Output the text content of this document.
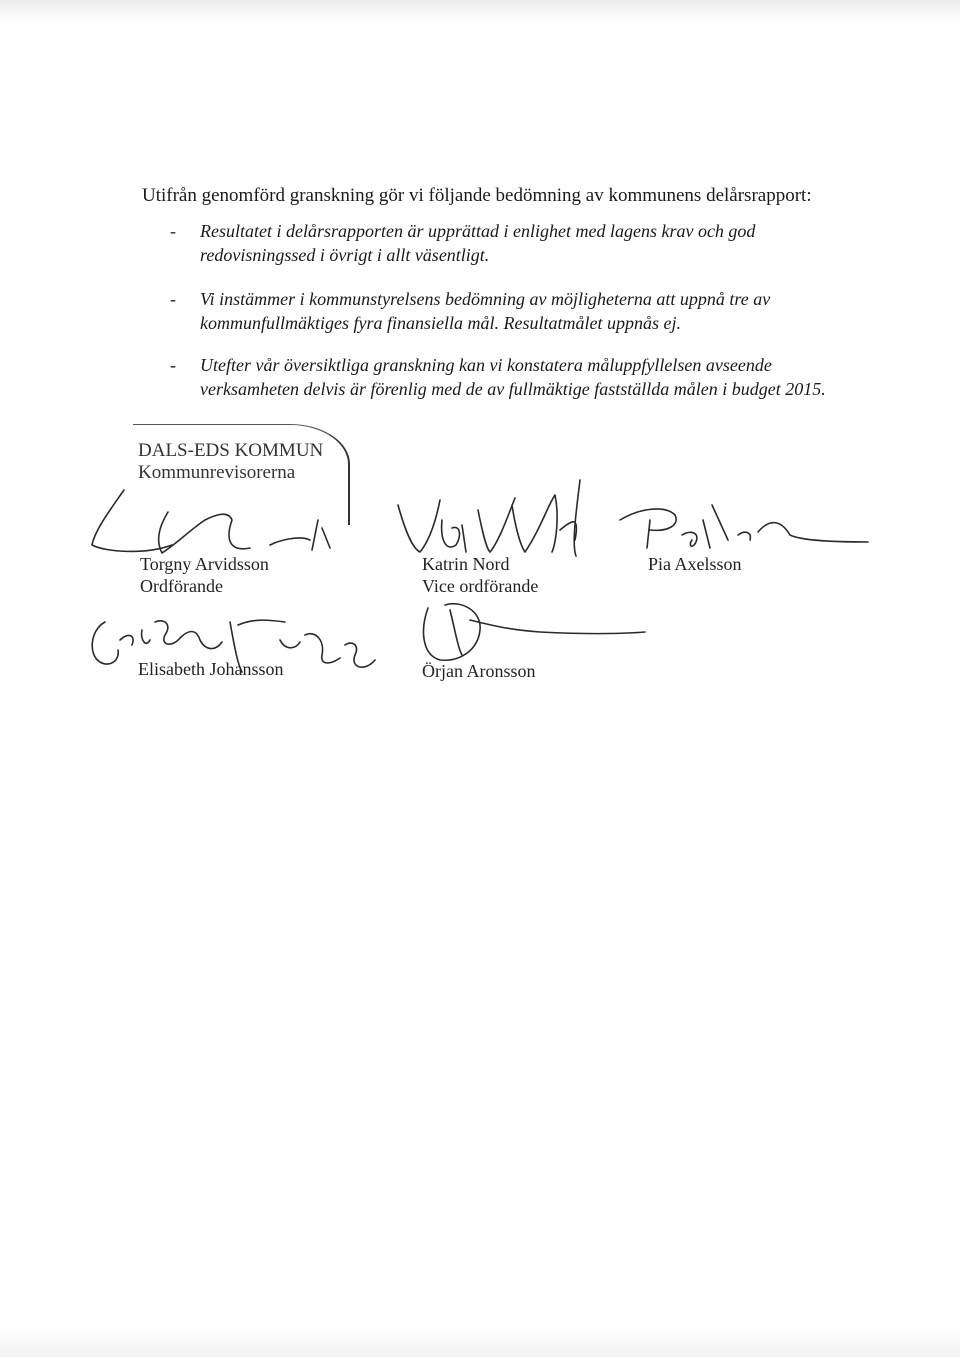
Utifrån genomförd granskning gör vi följande bedömning av kommunens delårsrapport:
- Resultatet i delårsrapporten är upprättad i enlighet med lagens krav och god redovisningssed i övrigt i allt väsentligt.
- Vi instämmer i kommunstyrelsens bedömning av möjligheterna att uppnå tre av kommunfullmäktiges fyra finansiella mål. Resultatmålet uppnås ej.
- Utefter vår översiktliga granskning kan vi konstatera måluppfyllelsen avseende verksamheten delvis är förenlig med de av fullmäktige fastställda målen i budget 2015.
DALS-EDS KOMMUN
Kommunrevisorerna
Torgny Arvidsson
Ordförande
Katrin Nord
Vice ordförande
Pia Axelsson
Elisabeth Johansson	Örjan Aronsson
